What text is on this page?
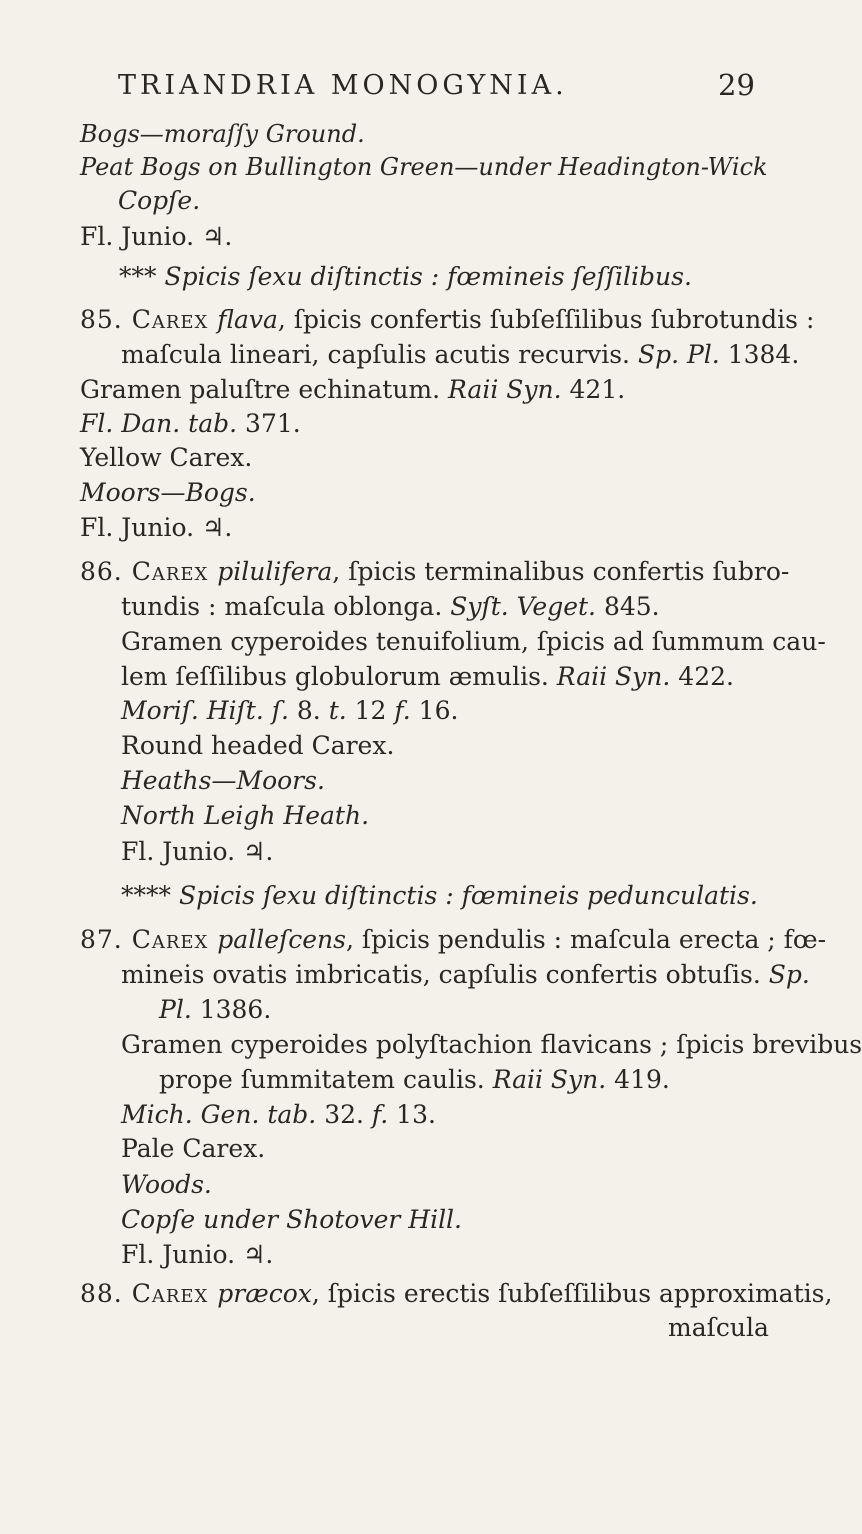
TRIANDRIA MONOGYNIA.	29
Bogs—moraſſy Ground.
Peat Bogs on Bullington Green—under Headington-Wick
Copſe.
Fl. Junio. ♃.
*** Spicis ſexu diſtinctis : fœmineis ſeſſilibus.
85. Carex flava, ſpicis confertis ſubſeſſilibus ſubrotundis :
maſcula lineari, capſulis acutis recurvis. Sp. Pl. 1384.
Gramen paluſtre echinatum. Raii Syn. 421.
Fl. Dan. tab. 371.
Yellow Carex.
Moors—Bogs.
Fl. Junio. ♃.
86. Carex pilulifera, ſpicis terminalibus confertis ſubro-
tundis : maſcula oblonga. Syſt. Veget. 845.
Gramen cyperoides tenuifolium, ſpicis ad ſummum cau-
lem ſeſſilibus globulorum æmulis. Raii Syn. 422.
Moriſ. Hiſt. ſ. 8. t. 12 f. 16.
Round headed Carex.
Heaths—Moors.
North Leigh Heath.
Fl. Junio. ♃.
**** Spicis ſexu diſtinctis : fœmineis pedunculatis.
87. Carex palleſcens, ſpicis pendulis : maſcula erecta ; fœ-
mineis ovatis imbricatis, capſulis confertis obtuſis. Sp.
Pl. 1386.
Gramen cyperoides polyſtachion flavicans ; ſpicis brevibus
prope ſummitatem caulis. Raii Syn. 419.
Mich. Gen. tab. 32. f. 13.
Pale Carex.
Woods.
Copſe under Shotover Hill.
Fl. Junio. ♃.
88. Carex præcox, ſpicis erectis ſubſeſſilibus approximatis,
maſcula
